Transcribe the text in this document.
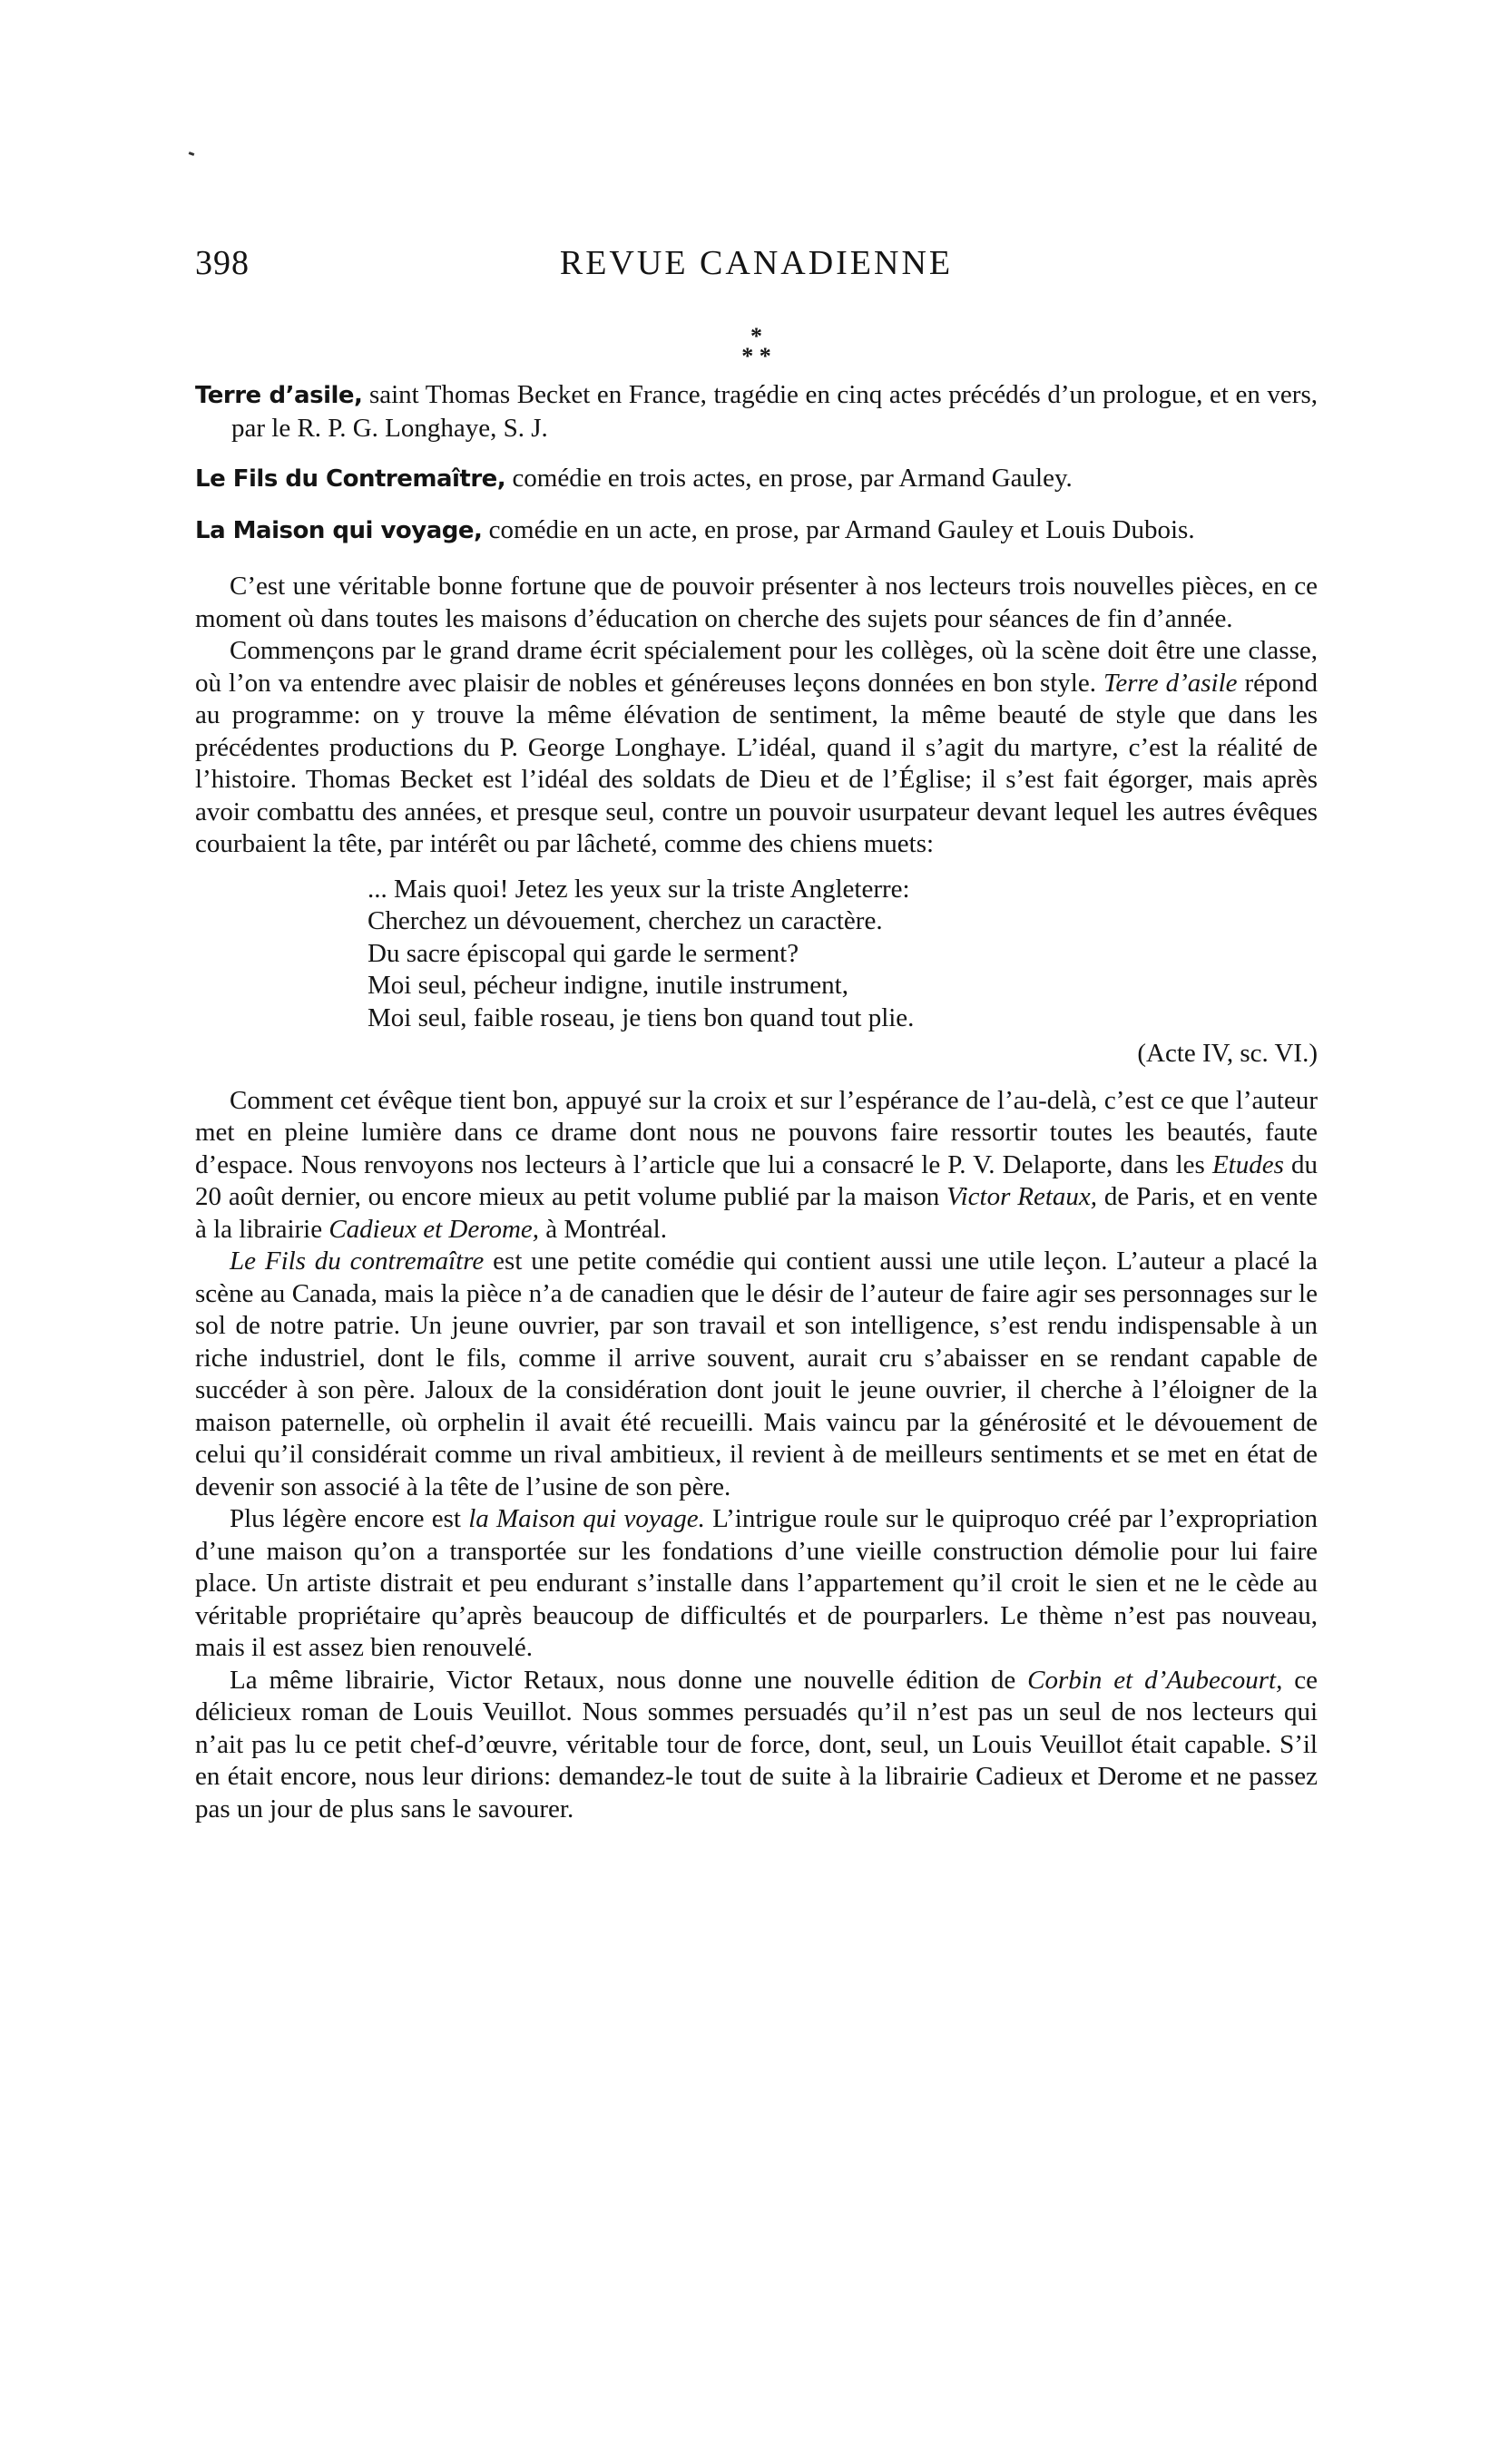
398	REVUE CANADIENNE
*
* *

Terre d’asile, saint Thomas Becket en France, tragédie en cinq actes précédés d’un prologue, et en vers, par le R. P. G. Longhaye, S. J.

Le Fils du Contremaître, comédie en trois actes, en prose, par Armand Gauley.

La Maison qui voyage, comédie en un acte, en prose, par Armand Gauley et Louis Dubois.

C’est une véritable bonne fortune que de pouvoir présenter à nos lecteurs trois nouvelles pièces, en ce moment où dans toutes les maisons d’éducation on cherche des sujets pour séances de fin d’année.

Commençons par le grand drame écrit spécialement pour les collèges, où la scène doit être une classe, où l’on va entendre avec plaisir de nobles et généreuses leçons données en bon style. Terre d’asile répond au programme: on y trouve la même élévation de sentiment, la même beauté de style que dans les précédentes productions du P. George Longhaye. L’idéal, quand il s’agit du martyre, c’est la réalité de l’histoire. Thomas Becket est l’idéal des soldats de Dieu et de l’Église; il s’est fait égorger, mais après avoir combattu des années, et presque seul, contre un pouvoir usurpateur devant lequel les autres évêques courbaient la tête, par intérêt ou par lâcheté, comme des chiens muets:

... Mais quoi! Jetez les yeux sur la triste Angleterre:
Cherchez un dévouement, cherchez un caractère.
Du sacre épiscopal qui garde le serment?
Moi seul, pécheur indigne, inutile instrument,
Moi seul, faible roseau, je tiens bon quand tout plie.

(Acte IV, sc. VI.)

Comment cet évêque tient bon, appuyé sur la croix et sur l’espérance de l’au-delà, c’est ce que l’auteur met en pleine lumière dans ce drame dont nous ne pouvons faire ressortir toutes les beautés, faute d’espace. Nous renvoyons nos lecteurs à l’article que lui a consacré le P. V. Delaporte, dans les Etudes du 20 août dernier, ou encore mieux au petit volume publié par la maison Victor Retaux, de Paris, et en vente à la librairie Cadieux et Derome, à Montréal.

Le Fils du contremaître est une petite comédie qui contient aussi une utile leçon. L’auteur a placé la scène au Canada, mais la pièce n’a de canadien que le désir de l’auteur de faire agir ses personnages sur le sol de notre patrie. Un jeune ouvrier, par son travail et son intelligence, s’est rendu indispensable à un riche industriel, dont le fils, comme il arrive souvent, aurait cru s’abaisser en se rendant capable de succéder à son père. Jaloux de la considération dont jouit le jeune ouvrier, il cherche à l’éloigner de la maison paternelle, où orphelin il avait été recueilli. Mais vaincu par la générosité et le dévouement de celui qu’il considérait comme un rival ambitieux, il revient à de meilleurs sentiments et se met en état de devenir son associé à la tête de l’usine de son père.

Plus légère encore est la Maison qui voyage. L’intrigue roule sur le quiproquo créé par l’expropriation d’une maison qu’on a transportée sur les fondations d’une vieille construction démolie pour lui faire place. Un artiste distrait et peu endurant s’installe dans l’appartement qu’il croit le sien et ne le cède au véritable propriétaire qu’après beaucoup de difficultés et de pourparlers. Le thème n’est pas nouveau, mais il est assez bien renouvelé.

La même librairie, Victor Retaux, nous donne une nouvelle édition de Corbin et d’Aubecourt, ce délicieux roman de Louis Veuillot. Nous sommes persuadés qu’il n’est pas un seul de nos lecteurs qui n’ait pas lu ce petit chef-d’œuvre, véritable tour de force, dont, seul, un Louis Veuillot était capable. S’il en était encore, nous leur dirions: demandez-le tout de suite à la librairie Cadieux et Derome et ne passez pas un jour de plus sans le savourer.
